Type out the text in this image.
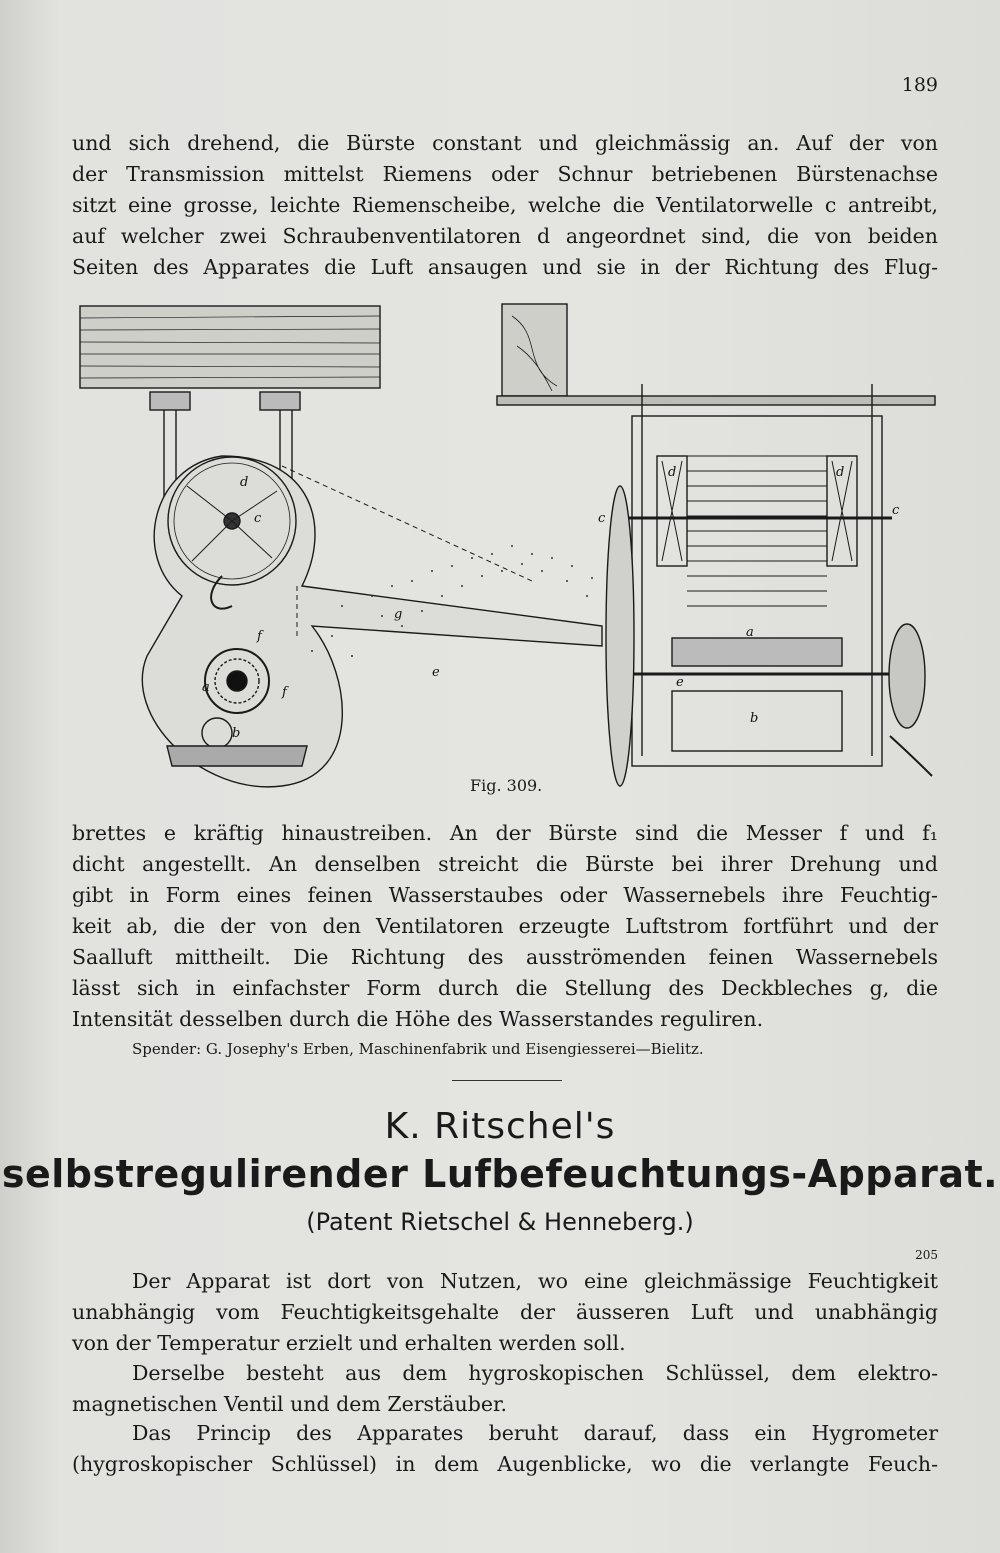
189
und sich drehend, die Bürste constant und gleichmässig an. Auf der von
der Transmission mittelst Riemens oder Schnur betriebenen Bürstenachse
sitzt eine grosse, leichte Riemenscheibe, welche die Ventilatorwelle c antreibt,
auf welcher zwei Schraubenventilatoren d angeordnet sind, die von beiden
Seiten des Apparates die Luft ansaugen und sie in der Richtung des Flug-
d
c
g
f
e
a	f
b
d	d
c
c
a
e
b
Fig. 309.
brettes e kräftig hinaustreiben. An der Bürste sind die Messer f und f₁
dicht angestellt. An denselben streicht die Bürste bei ihrer Drehung und
gibt in Form eines feinen Wasserstaubes oder Wassernebels ihre Feuchtig-
keit ab, die der von den Ventilatoren erzeugte Luftstrom fortführt und der
Saalluft mittheilt. Die Richtung des ausströmenden feinen Wassernebels
lässt sich in einfachster Form durch die Stellung des Deckbleches g, die
Intensität desselben durch die Höhe des Wasserstandes reguliren.
Spender: G. Josephy's Erben, Maschinenfabrik und Eisengiesserei—Bielitz.
K. Ritschel's
selbstregulirender Lufbefeuchtungs-Apparat.
(Patent Rietschel & Henneberg.)
205
Der Apparat ist dort von Nutzen, wo eine gleichmässige Feuchtigkeit
unabhängig vom Feuchtigkeitsgehalte der äusseren Luft und unabhängig
von der Temperatur erzielt und erhalten werden soll.
Derselbe besteht aus dem hygroskopischen Schlüssel, dem elektro-
magnetischen Ventil und dem Zerstäuber.
Das Princip des Apparates beruht darauf, dass ein Hygrometer
(hygroskopischer Schlüssel) in dem Augenblicke, wo die verlangte Feuch-
